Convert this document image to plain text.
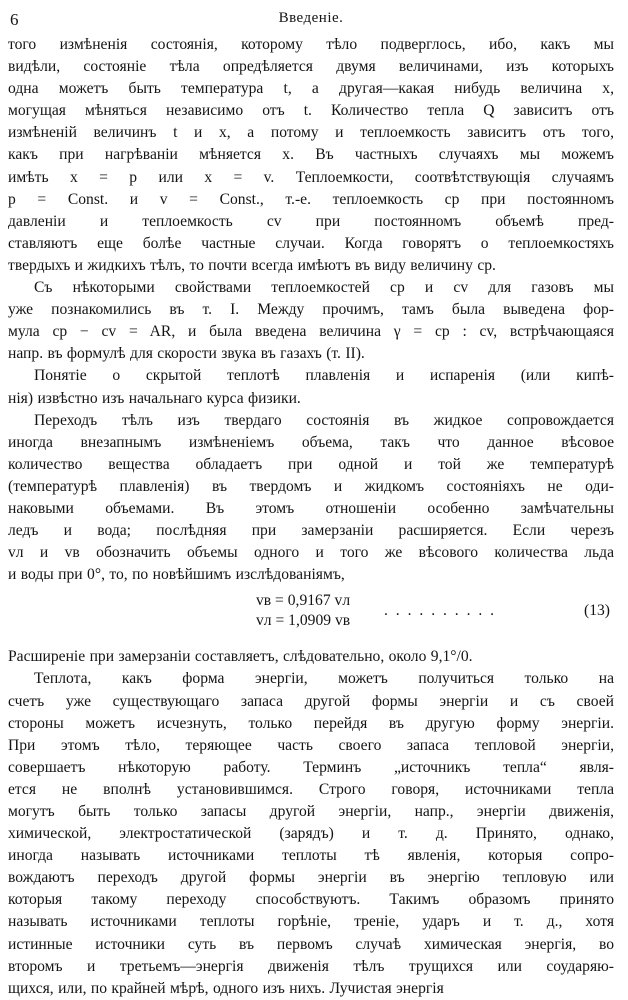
6	Введенiе.
того измѣненiя состоянiя, которому тѣло подверглось, ибо, какъ мы
видѣли, состоянiе тѣла опредѣляется двумя величинами, изъ которыхъ
одна можетъ быть температура t, а другая—какая нибудь величина x,
могущая мѣняться независимо отъ t. Количество тепла Q зависитъ отъ
измѣненiй величинъ t и x, а потому и теплоемкость зависитъ отъ того,
какъ при нагрѣванiи мѣняется x. Въ частныхъ случаяхъ мы можемъ
имѣть x = p или x = v. Теплоемкости, соотвѣтствующiя случаямъ
p = Const. и v = Const., т.-е. теплоемкость cp при постоянномъ
давленiи и теплоемкость cv при постоянномъ объемѣ пред-
ставляютъ еще болѣе частные случаи. Когда говорятъ о теплоемкостяхъ
твердыхъ и жидкихъ тѣлъ, то почти всегда имѣютъ въ виду величину cp.
Съ нѣкоторыми свойствами теплоемкостей cp и cv для газовъ мы
уже познакомились въ т. I. Между прочимъ, тамъ была выведена фор-
мула cp − cv = AR, и была введена величина γ = cp : cv, встрѣчающаяся
напр. въ формулѣ для скорости звука въ газахъ (т. II).
Понятiе о скрытой теплотѣ плавленiя и испаренiя (или кипѣ-
нiя) извѣстно изъ начальнаго курса физики.
Переходъ тѣлъ изъ твердаго состоянiя въ жидкое сопровождается
иногда внезапнымъ измѣненiемъ объема, такъ что данное вѣсовое
количество вещества обладаетъ при одной и той же температурѣ
(температурѣ плавленiя) въ твердомъ и жидкомъ состоянiяхъ не оди-
наковыми объемами. Въ этомъ отношенiи особенно замѣчательны
ледъ и вода; послѣдняя при замерзанiи расширяется. Если черезъ
vл и vв обозначить объемы одного и того же вѣсового количества льда
и воды при 0°, то, по новѣйшимъ изслѣдованiямъ,
vв = 0,9167 vл
vл = 1,0909 vв
. . . . . . . . . .	(13)
Расширенiе при замерзанiи составляетъ, слѣдовательно, около 9,1°/0.
Теплота, какъ форма энергiи, можетъ получиться только на
счетъ уже существующаго запаса другой формы энергiи и съ своей
стороны можетъ исчезнуть, только перейдя въ другую форму энергiи.
При этомъ тѣло, теряющее часть своего запаса тепловой энергiи,
совершаетъ нѣкоторую работу. Терминъ „источникъ тепла“ явля-
ется не вполнѣ установившимся. Строго говоря, источниками тепла
могутъ быть только запасы другой энергiи, напр., энергiи движенiя,
химической, электростатической (зарядъ) и т. д. Принято, однако,
иногда называть источниками теплоты тѣ явленiя, которыя сопро-
вождаютъ переходъ другой формы энергiи въ энергiю тепловую или
которыя такому переходу способствуютъ. Такимъ образомъ принято
называть источниками теплоты горѣнiе, тренiе, ударъ и т. д., хотя
истинные источники суть въ первомъ случаѣ химическая энергiя, во
второмъ и третьемъ—энергiя движенiя тѣлъ трущихся или соударяю-
щихся, или, по крайней мѣрѣ, одного изъ нихъ. Лучистая энергiя
